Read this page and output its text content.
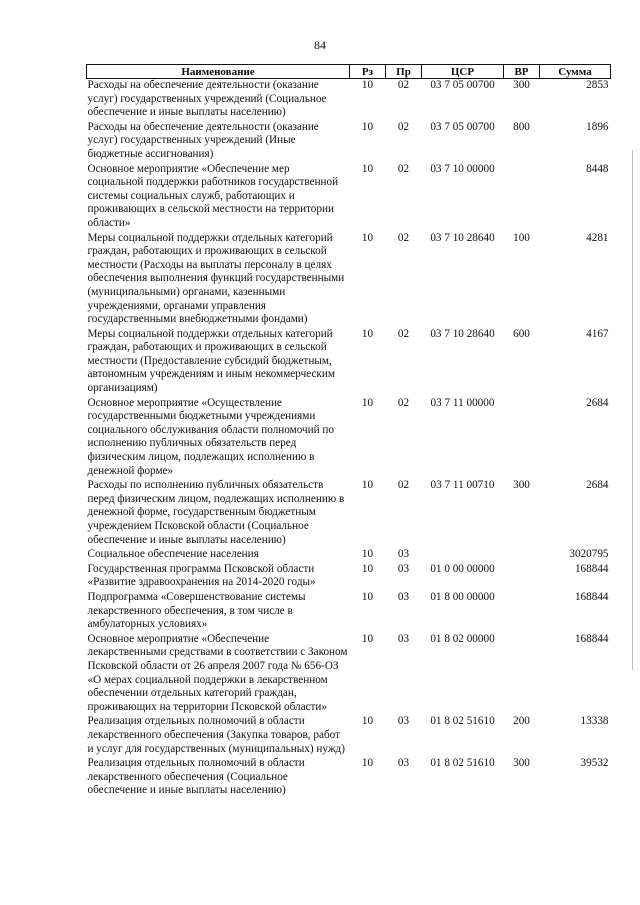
84
Наименование	Рз	Пр	ЦСР	ВР	Сумма
Расходы на обеспечение деятельности (оказание услуг) государственных учреждений (Социальное обеспечение и иные выплаты населению)	10	02	03 7 05 00700	300	2853
Расходы на обеспечение деятельности (оказание услуг) государственных учреждений (Иные бюджетные ассигнования)	10	02	03 7 05 00700	800	1896
Основное мероприятие «Обеспечение мер социальной поддержки работников государственной системы социальных служб, работающих и проживающих в сельской местности на территории области»	10	02	03 7 10 00000		8448
Меры социальной поддержки отдельных категорий граждан, работающих и проживающих в сельской местности (Расходы на выплаты персоналу в целях обеспечения выполнения функций государственными (муниципальными) органами, казенными учреждениями, органами управления государственными внебюджетными фондами)	10	02	03 7 10 28640	100	4281
Меры социальной поддержки отдельных категорий граждан, работающих и проживающих в сельской местности (Предоставление субсидий бюджетным, автономным учреждениям и иным некоммерческим организациям)	10	02	03 7 10 28640	600	4167
Основное мероприятие «Осуществление государственными бюджетными учреждениями социального обслуживания области полномочий по исполнению публичных обязательств перед физическим лицом, подлежащих исполнению в денежной форме»	10	02	03 7 11 00000		2684
Расходы по исполнению публичных обязательств перед физическим лицом, подлежащих исполнению в денежной форме, государственным бюджетным учреждением Псковской области (Социальное обеспечение и иные выплаты населению)	10	02	03 7 11 00710	300	2684
Социальное обеспечение населения	10	03			3020795
Государственная программа Псковской области «Развитие здравоохранения на 2014-2020 годы»	10	03	01 0 00 00000		168844
Подпрограмма «Совершенствование системы лекарственного обеспечения, в том числе в амбулаторных условиях»	10	03	01 8 00 00000		168844
Основное мероприятие «Обеспечение лекарственными средствами в соответствии с Законом Псковской области от 26 апреля 2007 года № 656-ОЗ «О мерах социальной поддержки в лекарственном обеспечении отдельных категорий граждан, проживающих на территории Псковской области»	10	03	01 8 02 00000		168844
Реализация отдельных полномочий в области лекарственного обеспечения (Закупка товаров, работ и услуг для государственных (муниципальных) нужд)	10	03	01 8 02 51610	200	13338
Реализация отдельных полномочий в области лекарственного обеспечения (Социальное обеспечение и иные выплаты населению)	10	03	01 8 02 51610	300	39532
